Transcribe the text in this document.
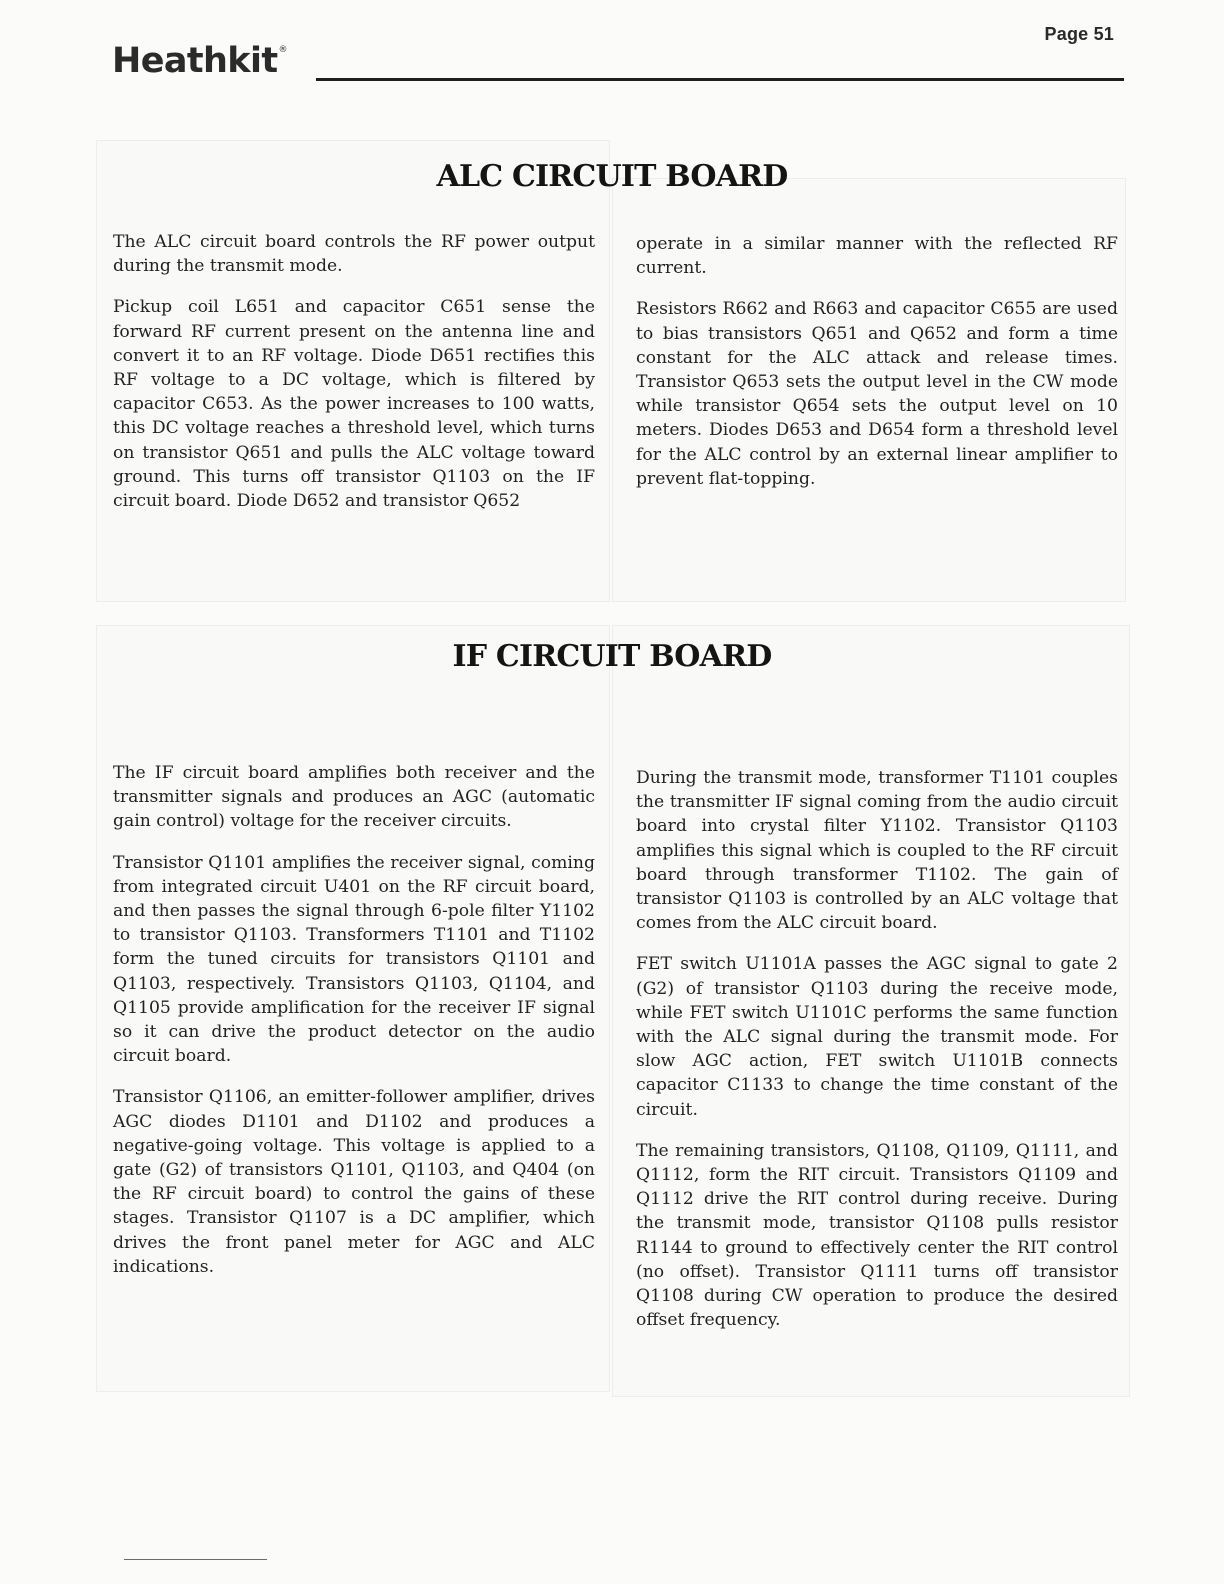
Page 51
Heathkit®
ALC CIRCUIT BOARD

The ALC circuit board controls the RF power output during the transmit mode.

Pickup coil L651 and capacitor C651 sense the forward RF current present on the antenna line and convert it to an RF voltage. Diode D651 rectifies this RF voltage to a DC voltage, which is filtered by capacitor C653. As the power increases to 100 watts, this DC voltage reaches a threshold level, which turns on transistor Q651 and pulls the ALC voltage toward ground. This turns off transistor Q1103 on the IF circuit board. Diode D652 and transistor Q652

operate in a similar manner with the reflected RF current.

Resistors R662 and R663 and capacitor C655 are used to bias transistors Q651 and Q652 and form a time constant for the ALC attack and release times. Transistor Q653 sets the output level in the CW mode while transistor Q654 sets the output level on 10 meters. Diodes D653 and D654 form a threshold level for the ALC control by an external linear amplifier to prevent flat-topping.

IF CIRCUIT BOARD

The IF circuit board amplifies both receiver and the transmitter signals and produces an AGC (automatic gain control) voltage for the receiver circuits.

Transistor Q1101 amplifies the receiver signal, coming from integrated circuit U401 on the RF circuit board, and then passes the signal through 6-pole filter Y1102 to transistor Q1103. Transformers T1101 and T1102 form the tuned circuits for transistors Q1101 and Q1103, respectively. Transistors Q1103, Q1104, and Q1105 provide amplification for the receiver IF signal so it can drive the product detector on the audio circuit board.

Transistor Q1106, an emitter-follower amplifier, drives AGC diodes D1101 and D1102 and produces a negative-going voltage. This voltage is applied to a gate (G2) of transistors Q1101, Q1103, and Q404 (on the RF circuit board) to control the gains of these stages. Transistor Q1107 is a DC amplifier, which drives the front panel meter for AGC and ALC indications.

During the transmit mode, transformer T1101 couples the transmitter IF signal coming from the audio circuit board into crystal filter Y1102. Transistor Q1103 amplifies this signal which is coupled to the RF circuit board through transformer T1102. The gain of transistor Q1103 is controlled by an ALC voltage that comes from the ALC circuit board.

FET switch U1101A passes the AGC signal to gate 2 (G2) of transistor Q1103 during the receive mode, while FET switch U1101C performs the same function with the ALC signal during the transmit mode. For slow AGC action, FET switch U1101B connects capacitor C1133 to change the time constant of the circuit.

The remaining transistors, Q1108, Q1109, Q1111, and Q1112, form the RIT circuit. Transistors Q1109 and Q1112 drive the RIT control during receive. During the transmit mode, transistor Q1108 pulls resistor R1144 to ground to effectively center the RIT control (no offset). Transistor Q1111 turns off transistor Q1108 during CW operation to produce the desired offset frequency.
